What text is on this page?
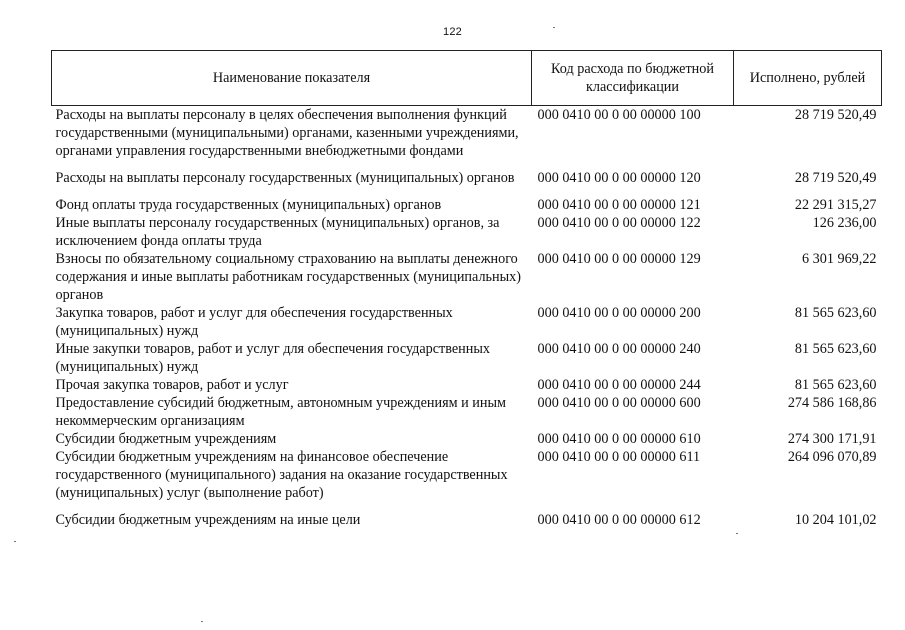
122
Наименование показателя	Код расхода по бюджетной классификации	Исполнено, рублей
Расходы на выплаты персоналу в целях обеспечения выполнения функций государственными (муниципальными) органами, казенными учреждениями, органами управления государственными внебюджетными фондами	000 0410 00 0 00 00000 100	28 719 520,49
Расходы на выплаты персоналу государственных (муниципальных) органов	000 0410 00 0 00 00000 120	28 719 520,49
Фонд оплаты труда государственных (муниципальных) органов	000 0410 00 0 00 00000 121	22 291 315,27
Иные выплаты персоналу государственных (муниципальных) органов, за исключением фонда оплаты труда	000 0410 00 0 00 00000 122	126 236,00
Взносы по обязательному социальному страхованию на выплаты денежного содержания и иные выплаты работникам государственных (муниципальных) органов	000 0410 00 0 00 00000 129	6 301 969,22
Закупка товаров, работ и услуг для обеспечения государственных (муниципальных) нужд	000 0410 00 0 00 00000 200	81 565 623,60
Иные закупки товаров, работ и услуг для обеспечения государственных (муниципальных) нужд	000 0410 00 0 00 00000 240	81 565 623,60
Прочая закупка товаров, работ и услуг	000 0410 00 0 00 00000 244	81 565 623,60
Предоставление субсидий бюджетным, автономным учреждениям и иным некоммерческим организациям	000 0410 00 0 00 00000 600	274 586 168,86
Субсидии бюджетным учреждениям	000 0410 00 0 00 00000 610	274 300 171,91
Субсидии бюджетным учреждениям на финансовое обеспечение государственного (муниципального) задания на оказание государственных (муниципальных) услуг (выполнение работ)	000 0410 00 0 00 00000 611	264 096 070,89
Субсидии бюджетным учреждениям на иные цели	000 0410 00 0 00 00000 612	10 204 101,02
